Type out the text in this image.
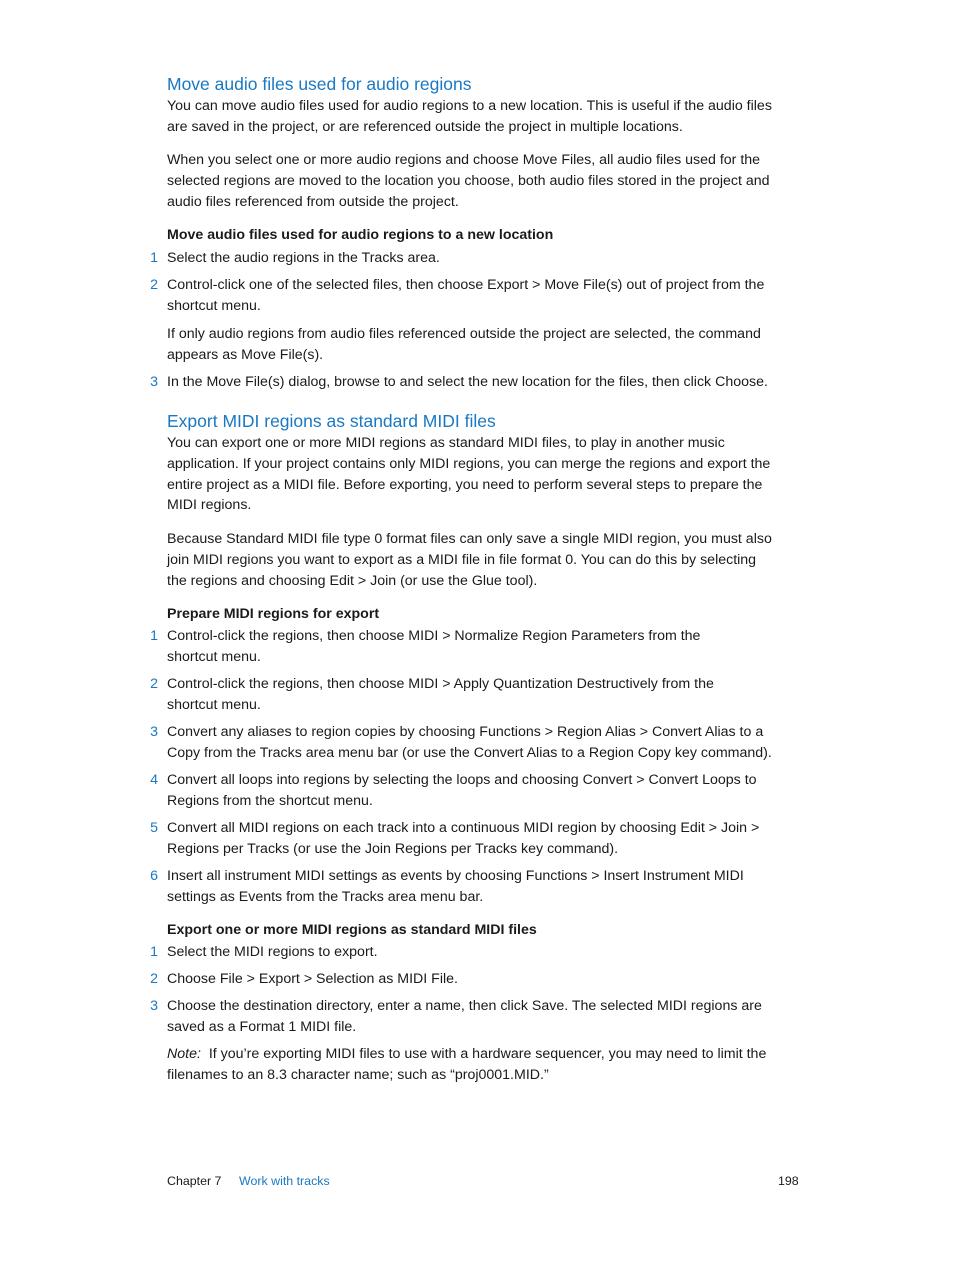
Move audio files used for audio regions
You can move audio files used for audio regions to a new location. This is useful if the audio files
are saved in the project, or are referenced outside the project in multiple locations.
When you select one or more audio regions and choose Move Files, all audio files used for the
selected regions are moved to the location you choose, both audio files stored in the project and
audio files referenced from outside the project.
Move audio files used for audio regions to a new location
1 Select the audio regions in the Tracks area.
2 Control-click one of the selected files, then choose Export > Move File(s) out of project from the
shortcut menu.
If only audio regions from audio files referenced outside the project are selected, the command
appears as Move File(s).
3 In the Move File(s) dialog, browse to and select the new location for the files, then click Choose.
Export MIDI regions as standard MIDI files
You can export one or more MIDI regions as standard MIDI files, to play in another music
application. If your project contains only MIDI regions, you can merge the regions and export the
entire project as a MIDI file. Before exporting, you need to perform several steps to prepare the
MIDI regions.
Because Standard MIDI file type 0 format files can only save a single MIDI region, you must also
join MIDI regions you want to export as a MIDI file in file format 0. You can do this by selecting
the regions and choosing Edit > Join (or use the Glue tool).
Prepare MIDI regions for export
1 Control-click the regions, then choose MIDI > Normalize Region Parameters from the
shortcut menu.
2 Control-click the regions, then choose MIDI > Apply Quantization Destructively from the
shortcut menu.
3 Convert any aliases to region copies by choosing Functions > Region Alias > Convert Alias to a
Copy from the Tracks area menu bar (or use the Convert Alias to a Region Copy key command).
4 Convert all loops into regions by selecting the loops and choosing Convert > Convert Loops to
Regions from the shortcut menu.
5 Convert all MIDI regions on each track into a continuous MIDI region by choosing Edit > Join >
Regions per Tracks (or use the Join Regions per Tracks key command).
6 Insert all instrument MIDI settings as events by choosing Functions > Insert Instrument MIDI
settings as Events from the Tracks area menu bar.
Export one or more MIDI regions as standard MIDI files
1 Select the MIDI regions to export.
2 Choose File > Export > Selection as MIDI File.
3 Choose the destination directory, enter a name, then click Save. The selected MIDI regions are
saved as a Format 1 MIDI file.
Note: If you’re exporting MIDI files to use with a hardware sequencer, you may need to limit the
filenames to an 8.3 character name; such as “proj0001.MID.”
Chapter 7 Work with tracks	198
